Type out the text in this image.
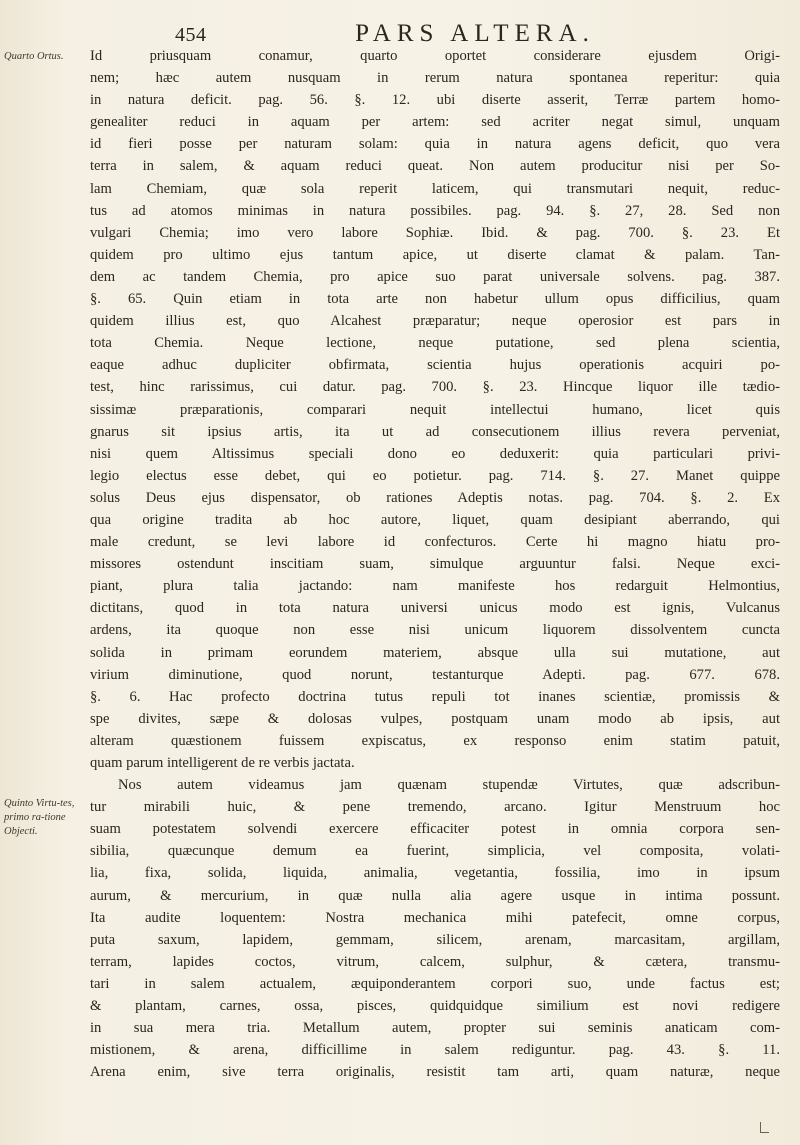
454	PARS ALTERA.
Quarto Ortus.
Quinto Virtu-tes, primo ra-tione Objecti.

Id priusquam conamur, quarto oportet considerare ejusdem Origi-

nem; hæc autem nusquam in rerum natura spontanea reperitur: quia

in natura deficit. pag. 56. §. 12. ubi diserte asserit, Terræ partem homo-

genealiter reduci in aquam per artem: sed acriter negat simul, unquam

id fieri posse per naturam solam: quia in natura agens deficit, quo vera

terra in salem, & aquam reduci queat. Non autem producitur nisi per So-

lam Chemiam, quæ sola reperit laticem, qui transmutari nequit, reduc-

tus ad atomos minimas in natura possibiles. pag. 94. §. 27, 28. Sed non

vulgari Chemia; imo vero labore Sophiæ. Ibid. & pag. 700. §. 23. Et

quidem pro ultimo ejus tantum apice, ut diserte clamat & palam. Tan-

dem ac tandem Chemia, pro apice suo parat universale solvens. pag. 387.

§. 65. Quin etiam in tota arte non habetur ullum opus difficilius, quam

quidem illius est, quo Alcahest præparatur; neque operosior est pars in

tota Chemia. Neque lectione, neque putatione, sed plena scientia,

eaque adhuc dupliciter obfirmata, scientia hujus operationis acquiri po-

test, hinc rarissimus, cui datur. pag. 700. §. 23. Hincque liquor ille tædio-

sissimæ præparationis, comparari nequit intellectui humano, licet quis

gnarus sit ipsius artis, ita ut ad consecutionem illius revera perveniat,

nisi quem Altissimus speciali dono eo deduxerit: quia particulari privi-

legio electus esse debet, qui eo potietur. pag. 714. §. 27. Manet quippe

solus Deus ejus dispensator, ob rationes Adeptis notas. pag. 704. §. 2. Ex

qua origine tradita ab hoc autore, liquet, quam desipiant aberrando, qui

male credunt, se levi labore id confecturos. Certe hi magno hiatu pro-

missores ostendunt inscitiam suam, simulque arguuntur falsi. Neque exci-

piant, plura talia jactando: nam manifeste hos redarguit Helmontius,

dictitans, quod in tota natura universi unicus modo est ignis, Vulcanus

ardens, ita quoque non esse nisi unicum liquorem dissolventem cuncta

solida in primam eorundem materiem, absque ulla sui mutatione, aut

virium diminutione, quod norunt, testanturque Adepti. pag. 677. 678.

§. 6. Hac profecto doctrina tutus repuli tot inanes scientiæ, promissis &

spe divites, sæpe & dolosas vulpes, postquam unam modo ab ipsis, aut

alteram quæstionem fuissem expiscatus, ex responso enim statim patuit,

quam parum intelligerent de re verbis jactata.

Nos autem videamus jam quænam stupendæ Virtutes, quæ adscribun-

tur mirabili huic, & pene tremendo, arcano. Igitur Menstruum hoc

suam potestatem solvendi exercere efficaciter potest in omnia corpora sen-

sibilia, quæcunque demum ea fuerint, simplicia, vel composita, volati-

lia, fixa, solida, liquida, animalia, vegetantia, fossilia, imo in ipsum

aurum, & mercurium, in quæ nulla alia agere usque in intima possunt.

Ita audite loquentem: Nostra mechanica mihi patefecit, omne corpus,

puta saxum, lapidem, gemmam, silicem, arenam, marcasitam, argillam,

terram, lapides coctos, vitrum, calcem, sulphur, & cætera, transmu-

tari in salem actualem, æquiponderantem corpori suo, unde factus est;

& plantam, carnes, ossa, pisces, quidquidque similium est novi redigere

in sua mera tria. Metallum autem, propter sui seminis anaticam com-

mistionem, & arena, difficillime in salem rediguntur. pag. 43. §. 11.

Arena enim, sive terra originalis, resistit tam arti, quam naturæ, neque
